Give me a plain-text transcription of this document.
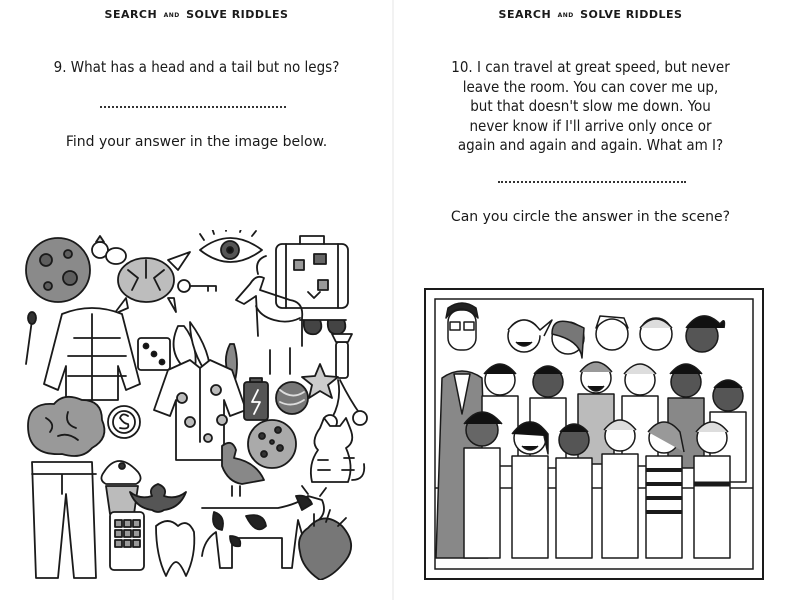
SEARCH AND SOLVE RIDDLES
9. What has a head and a tail but no legs?
Find your answer in the image below.
SEARCH AND SOLVE RIDDLES
10. I can travel at great speed, but never
leave the room. You can cover me up,
but that doesn't slow me down. You
never know if I'll arrive only once or
again and again and again. What am I?
Can you circle the answer in the scene?
